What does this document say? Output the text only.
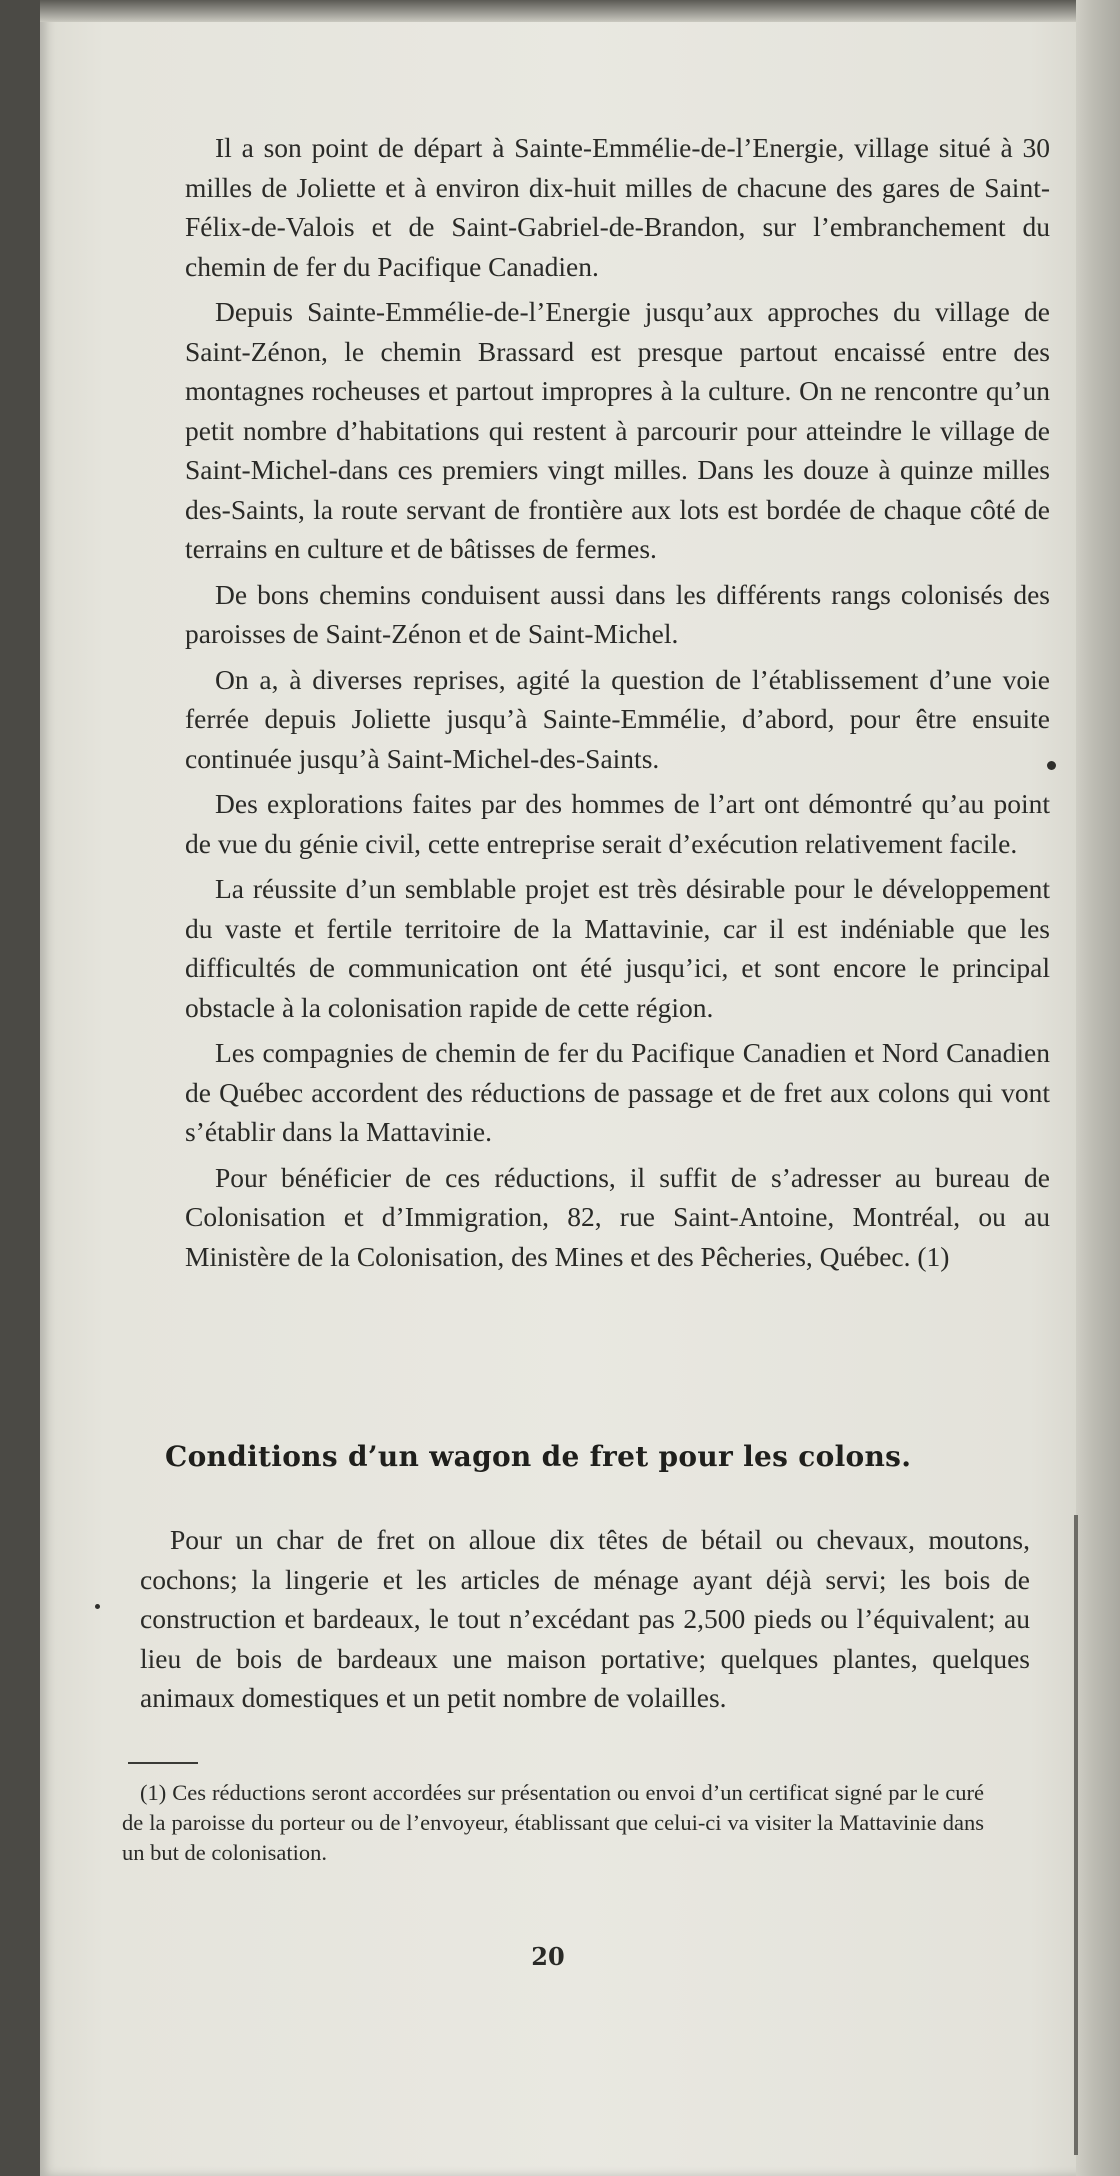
Il a son point de départ à Sainte-Emmélie-de-l’Energie, village situé à 30 milles de Joliette et à environ dix-huit milles de chacune des gares de Saint-Félix-de-Valois et de Saint-Gabriel-de-Brandon, sur l’embranchement du chemin de fer du Pacifique Canadien.

Depuis Sainte-Emmélie-de-l’Energie jusqu’aux approches du village de Saint-Zénon, le chemin Brassard est presque partout encaissé entre des montagnes rocheuses et partout impropres à la culture. On ne rencontre qu’un petit nombre d’habitations qui restent à parcourir pour atteindre le village de Saint-Michel-dans ces premiers vingt milles. Dans les douze à quinze milles des-Saints, la route servant de frontière aux lots est bordée de chaque côté de terrains en culture et de bâtisses de fermes.

De bons chemins conduisent aussi dans les différents rangs colonisés des paroisses de Saint-Zénon et de Saint-Michel.

On a, à diverses reprises, agité la question de l’établissement d’une voie ferrée depuis Joliette jusqu’à Sainte-Emmélie, d’abord, pour être ensuite continuée jusqu’à Saint-Michel-des-Saints.

Des explorations faites par des hommes de l’art ont démontré qu’au point de vue du génie civil, cette entreprise serait d’exécution relativement facile.

La réussite d’un semblable projet est très désirable pour le développement du vaste et fertile territoire de la Mattavinie, car il est indéniable que les difficultés de communication ont été jusqu’ici, et sont encore le principal obstacle à la colonisation rapide de cette région.

Les compagnies de chemin de fer du Pacifique Canadien et Nord Canadien de Québec accordent des réductions de passage et de fret aux colons qui vont s’établir dans la Mattavinie.

Pour bénéficier de ces réductions, il suffit de s’adresser au bureau de Colonisation et d’Immigration, 82, rue Saint-Antoine, Montréal, ou au Ministère de la Colonisation, des Mines et des Pêcheries, Québec. (1)

Conditions d’un wagon de fret pour les colons.

Pour un char de fret on alloue dix têtes de bétail ou chevaux, moutons, cochons; la lingerie et les articles de ménage ayant déjà servi; les bois de construction et bardeaux, le tout n’excédant pas 2,500 pieds ou l’équivalent; au lieu de bois de bardeaux une maison portative; quelques plantes, quelques animaux domestiques et un petit nombre de volailles.

(1) Ces réductions seront accordées sur présentation ou envoi d’un certificat signé par le curé de la paroisse du porteur ou de l’envoyeur, établissant que celui-ci va visiter la Mattavinie dans un but de colonisation.

20
